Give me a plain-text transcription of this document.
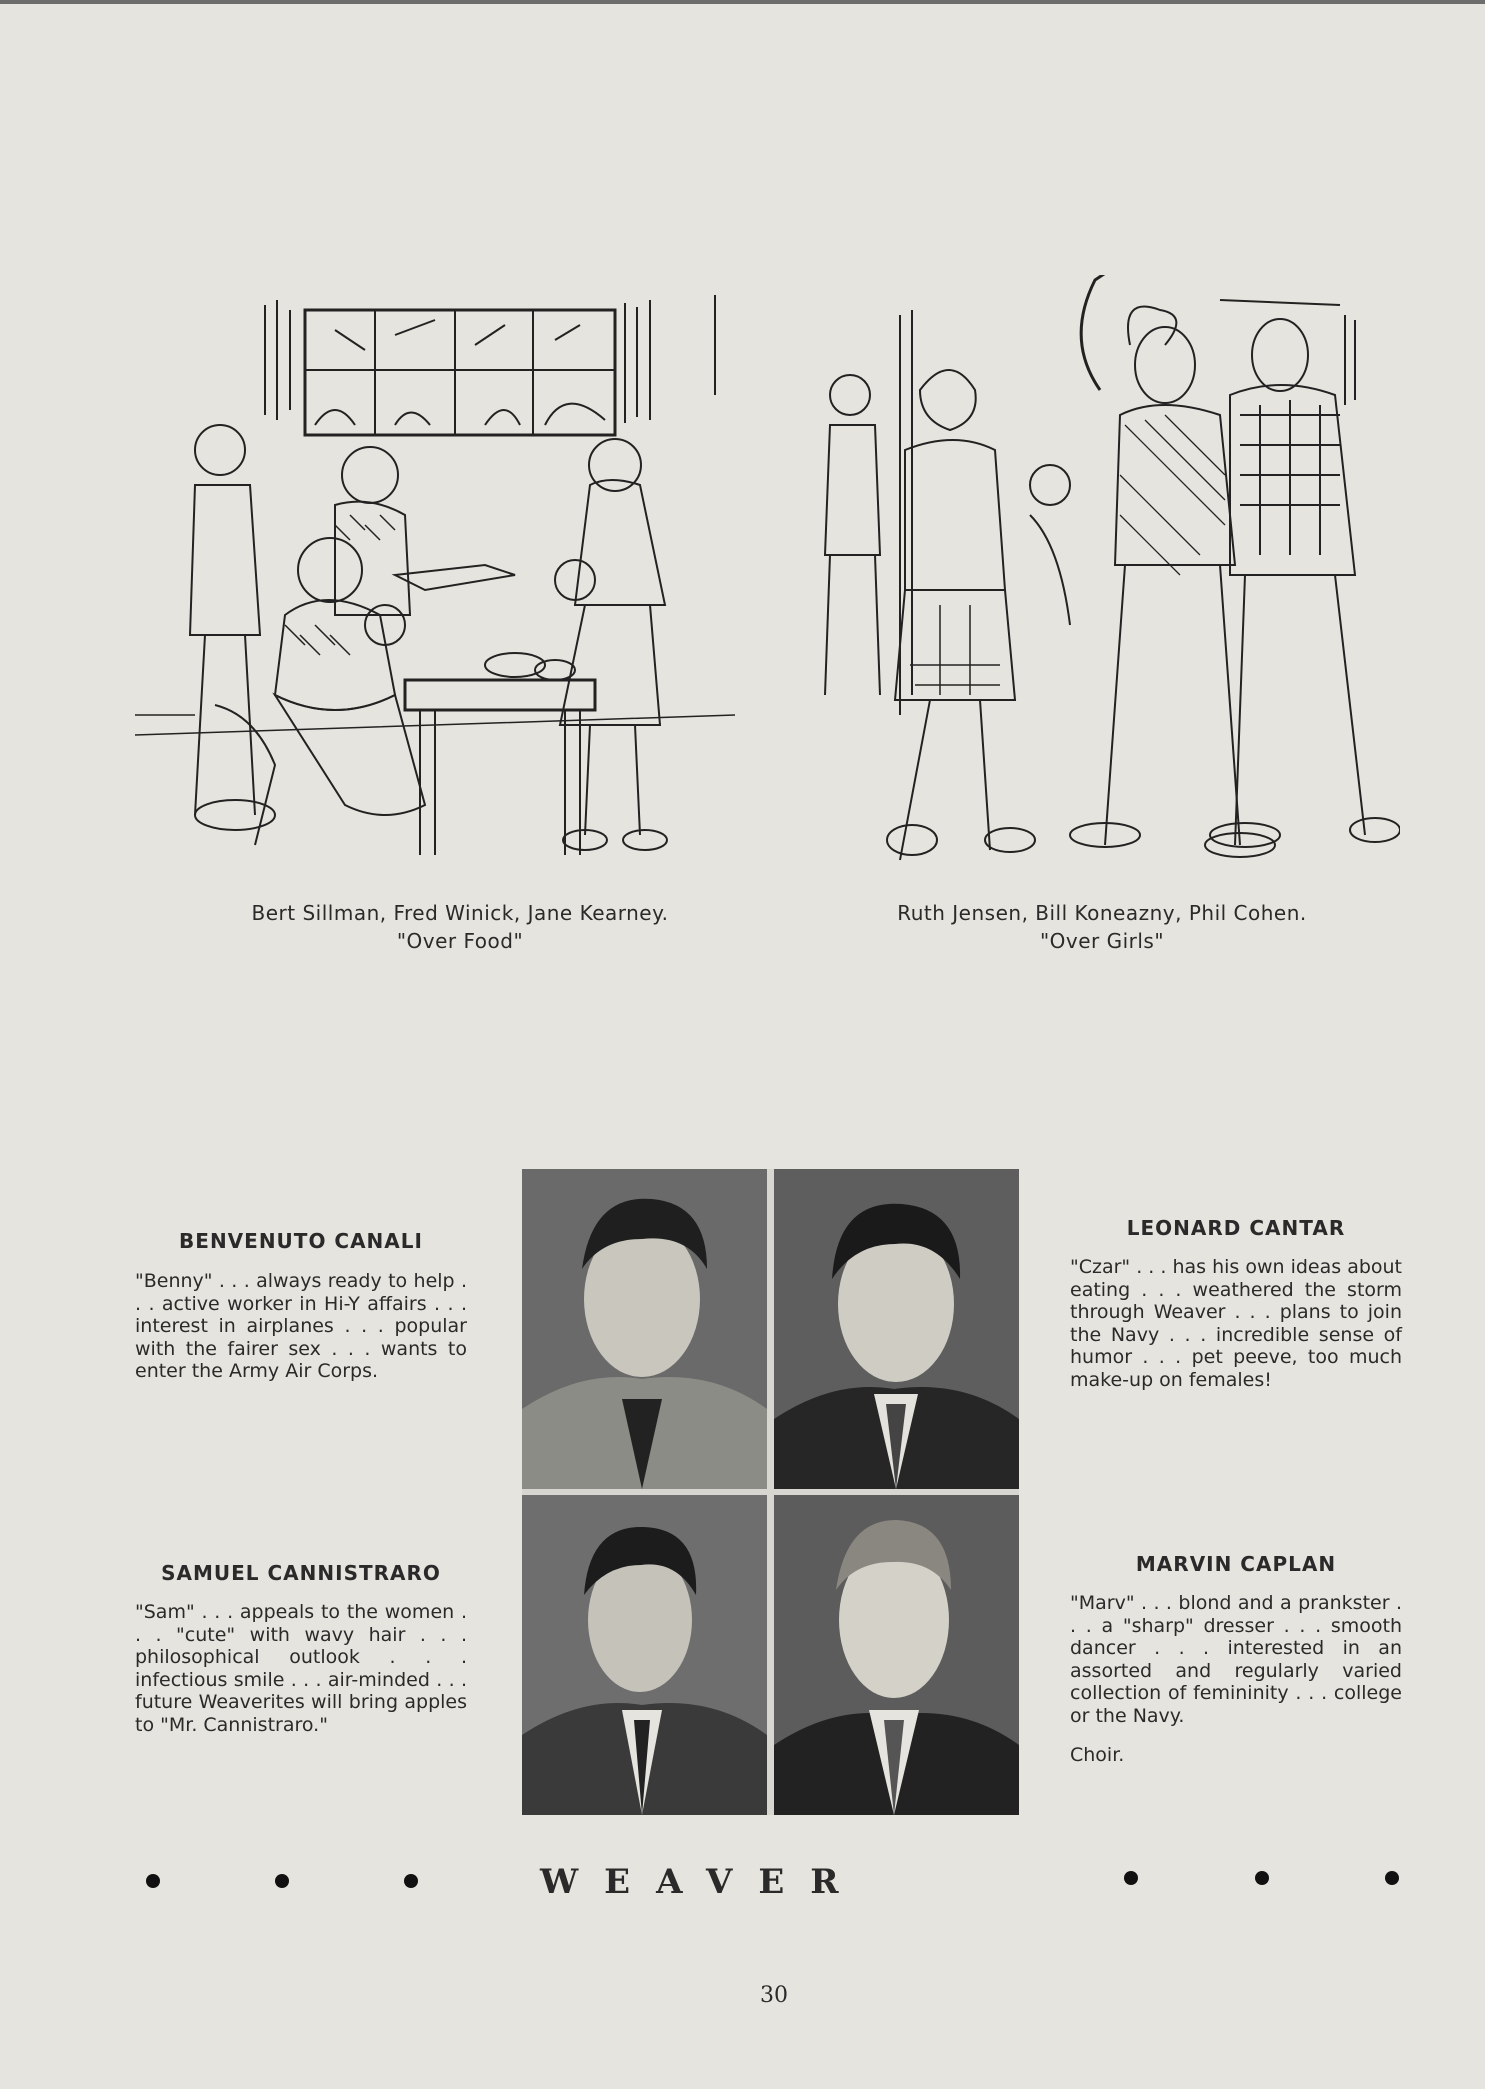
Bert Sillman, Fred Winick, Jane Kearney.
"Over Food"
Ruth Jensen, Bill Koneazny, Phil Cohen.
"Over Girls"
BENVENUTO CANALI
"Benny" . . . always ready to help . . . active worker in Hi-Y affairs . . . interest in airplanes . . . popular with the fairer sex . . . wants to enter the Army Air Corps.
LEONARD CANTAR
"Czar" . . . has his own ideas about eating . . . weathered the storm through Weaver . . . plans to join the Navy . . . incredible sense of humor . . . pet peeve, too much make-up on females!
SAMUEL CANNISTRARO
"Sam" . . . appeals to the women . . . "cute" with wavy hair . . . philosophical outlook . . . infectious smile . . . air-minded . . . future Weaverites will bring apples to "Mr. Cannistraro."
MARVIN CAPLAN
"Marv" . . . blond and a prankster . . . a "sharp" dresser . . . smooth dancer . . . interested in an assorted and regularly varied collection of femininity . . . college or the Navy.
Choir.
WEAVER
30
